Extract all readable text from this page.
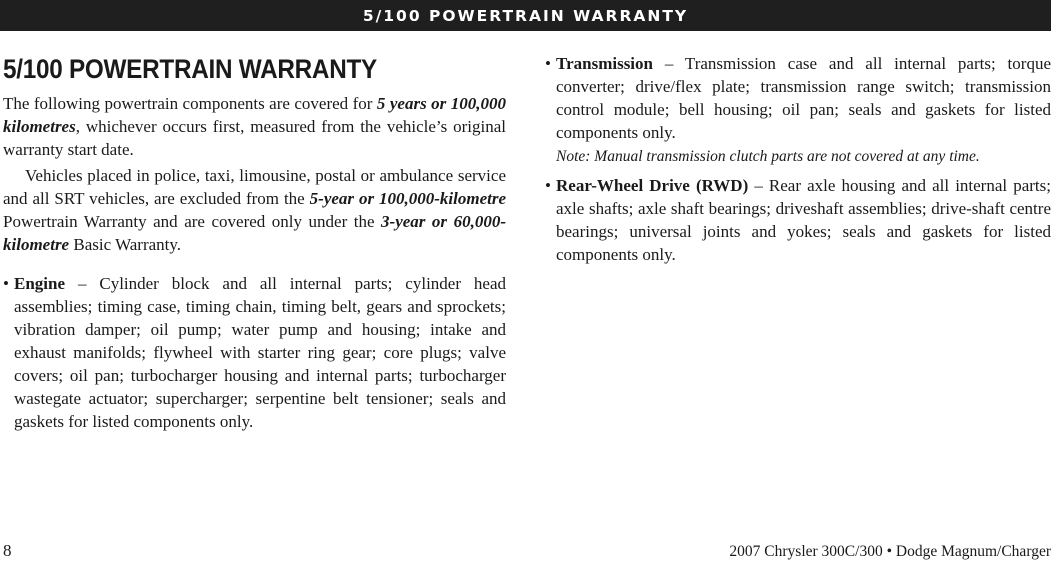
5/100 POWERTRAIN WARRANTY
5/100 POWERTRAIN WARRANTY

The following powertrain components are covered for 5 years or 100,000 kilometres, whichever occurs first, measured from the vehicle’s original warranty start date.

Vehicles placed in police, taxi, limousine, postal or ambulance service and all SRT vehicles, are excluded from the 5-year or 100,000-kilometre Powertrain Warranty and are covered only under the 3-year or 60,000-kilometre Basic Warranty.

• Engine – Cylinder block and all internal parts; cylinder head assemblies; timing case, timing chain, timing belt, gears and sprockets; vibration damper; oil pump; water pump and housing; intake and exhaust manifolds; flywheel with starter ring gear; core plugs; valve covers; oil pan; turbocharger housing and internal parts; turbocharger wastegate actuator; supercharger; serpentine belt tensioner; seals and gaskets for listed components only.
• Transmission – Transmission case and all internal parts; torque converter; drive/flex plate; transmission range switch; transmission control module; bell housing; oil pan; seals and gaskets for listed components only.
Note: Manual transmission clutch parts are not covered at any time.
• Rear-Wheel Drive (RWD) – Rear axle housing and all internal parts; axle shafts; axle shaft bearings; driveshaft assemblies; drive-shaft centre bearings; universal joints and yokes; seals and gaskets for listed components only.
8	2007 Chrysler 300C/300 • Dodge Magnum/Charger
